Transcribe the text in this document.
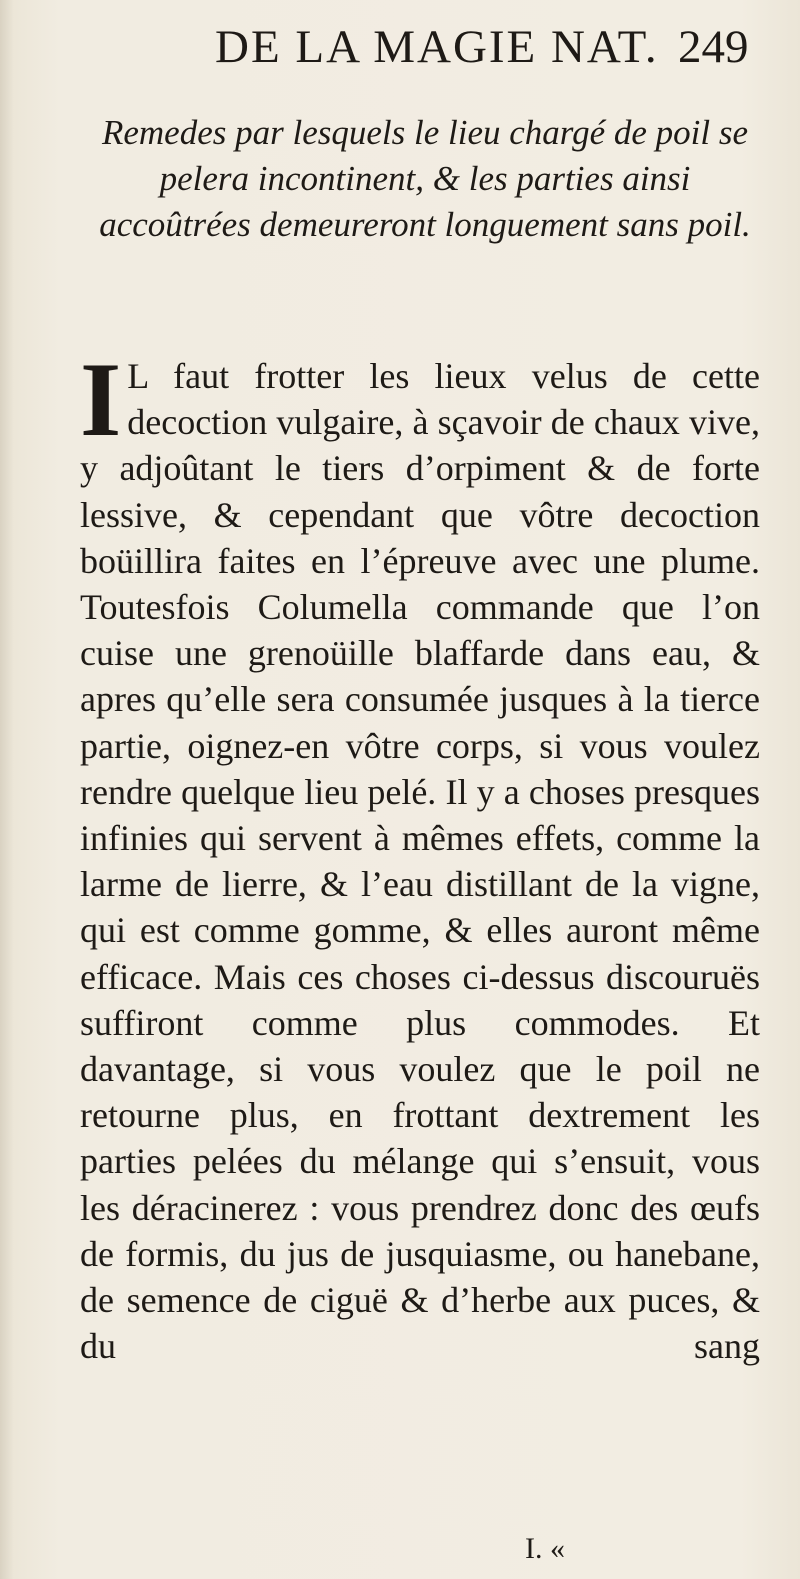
DE LA MAGIE NAT. 249
Remedes par lesquels le lieu chargé de poil se pelera incontinent, & les parties ainsi accoûtrées demeureront longuement sans poil.

I L faut frotter les lieux velus de cette decoction vulgaire, à sçavoir de chaux vive, y adjoûtant le tiers d’orpiment & de forte lessive, & cependant que vôtre decoction boüillira faites en l’épreuve avec une plume. Toutesfois Columella commande que l’on cuise une grenoüille blaffarde dans eau, & apres qu’elle sera consumée jusques à la tierce partie, oignez-en vôtre corps, si vous voulez rendre quelque lieu pelé. Il y a choses presques infinies qui servent à mêmes effets, comme la larme de lierre, & l’eau distillant de la vigne, qui est comme gomme, & elles auront même efficace. Mais ces choses ci-dessus discouruës suffiront comme plus commodes. Et davantage, si vous voulez que le poil ne retourne plus, en frottant dextrement les parties pelées du mélange qui s’ensuit, vous les déracinerez : vous prendrez donc des œufs de formis, du jus de jusquiasme, ou hanebane, de semence de ciguë & d’herbe aux puces, & du sang

I. «
